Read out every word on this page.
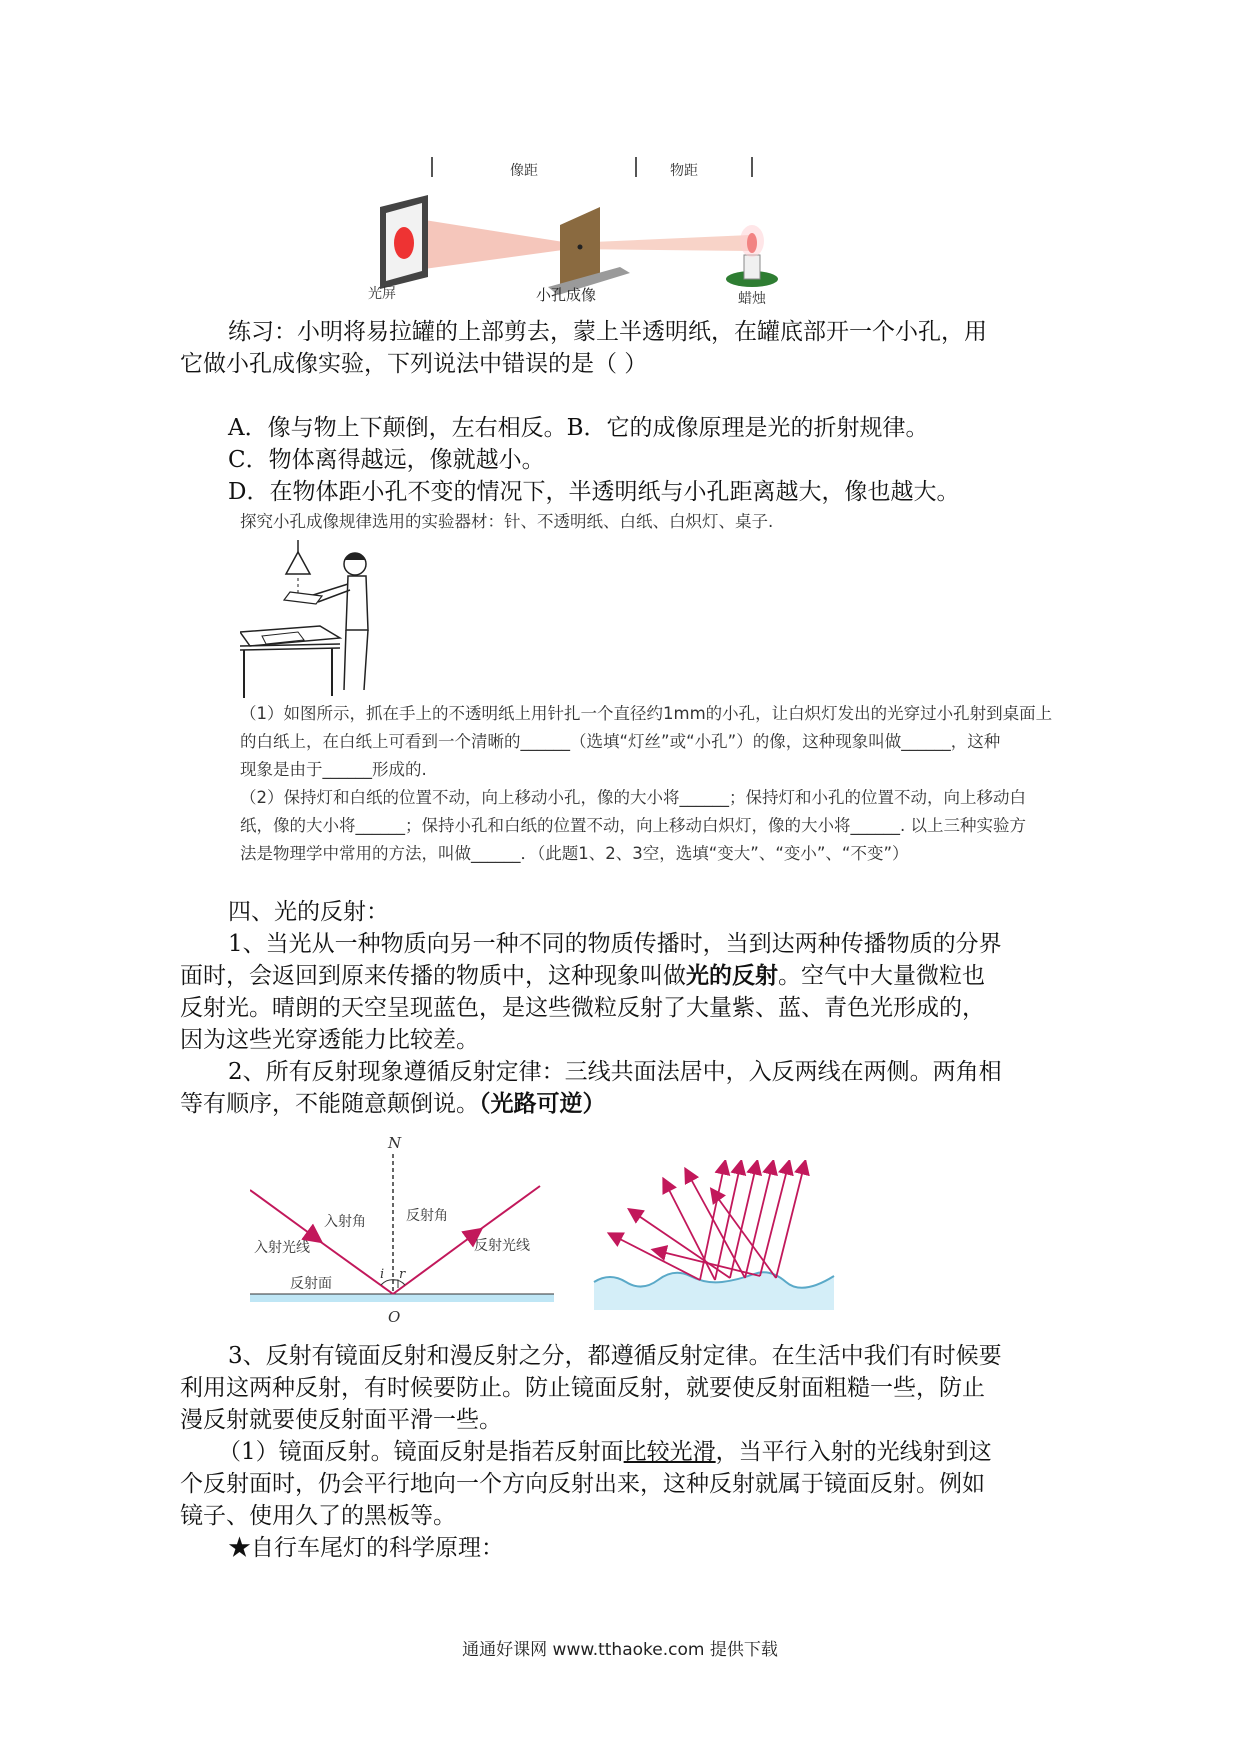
像距	物距
光屏	蜡烛
小孔成像
练习：小明将易拉罐的上部剪去，蒙上半透明纸，在罐底部开一个小孔，用
它做小孔成像实验，下列说法中错误的是（ ）
A．像与物上下颠倒，左右相反。B．它的成像原理是光的折射规律。
C．物体离得越远，像就越小。
D．在物体距小孔不变的情况下，半透明纸与小孔距离越大，像也越大。
探究小孔成像规律选用的实验器材：针、不透明纸、白纸、白炽灯、桌子.
（1）如图所示，抓在手上的不透明纸上用针扎一个直径约1mm的小孔，让白炽灯发出的光穿过小孔射到桌面上
的白纸上，在白纸上可看到一个清晰的______（选填“灯丝”或“小孔”）的像，这种现象叫做______，这种
现象是由于______形成的.
（2）保持灯和白纸的位置不动，向上移动小孔，像的大小将______；保持灯和小孔的位置不动，向上移动白
纸，像的大小将______；保持小孔和白纸的位置不动，向上移动白炽灯，像的大小将______. 以上三种实验方
法是物理学中常用的方法，叫做______．（此题1、2、3空，选填“变大”、“变小”、“不变”）
四、光的反射：
1、当光从一种物质向另一种不同的物质传播时，当到达两种传播物质的分界
面时，会返回到原来传播的物质中，这种现象叫做光的反射。空气中大量微粒也
反射光。晴朗的天空呈现蓝色，是这些微粒反射了大量紫、蓝、青色光形成的，
因为这些光穿透能力比较差。
2、所有反射现象遵循反射定律：三线共面法居中，入反两线在两侧。两角相
等有顺序，不能随意颠倒说。（光路可逆）
N
入射角	反射角
入射光线	反射光线
i r
反射面
O
3、反射有镜面反射和漫反射之分，都遵循反射定律。在生活中我们有时候要
利用这两种反射，有时候要防止。防止镜面反射，就要使反射面粗糙一些，防止
漫反射就要使反射面平滑一些。
（1）镜面反射。镜面反射是指若反射面比较光滑，当平行入射的光线射到这
个反射面时，仍会平行地向一个方向反射出来，这种反射就属于镜面反射。例如
镜子、使用久了的黑板等。
★自行车尾灯的科学原理：
通通好课网 www.tthaoke.com 提供下载
